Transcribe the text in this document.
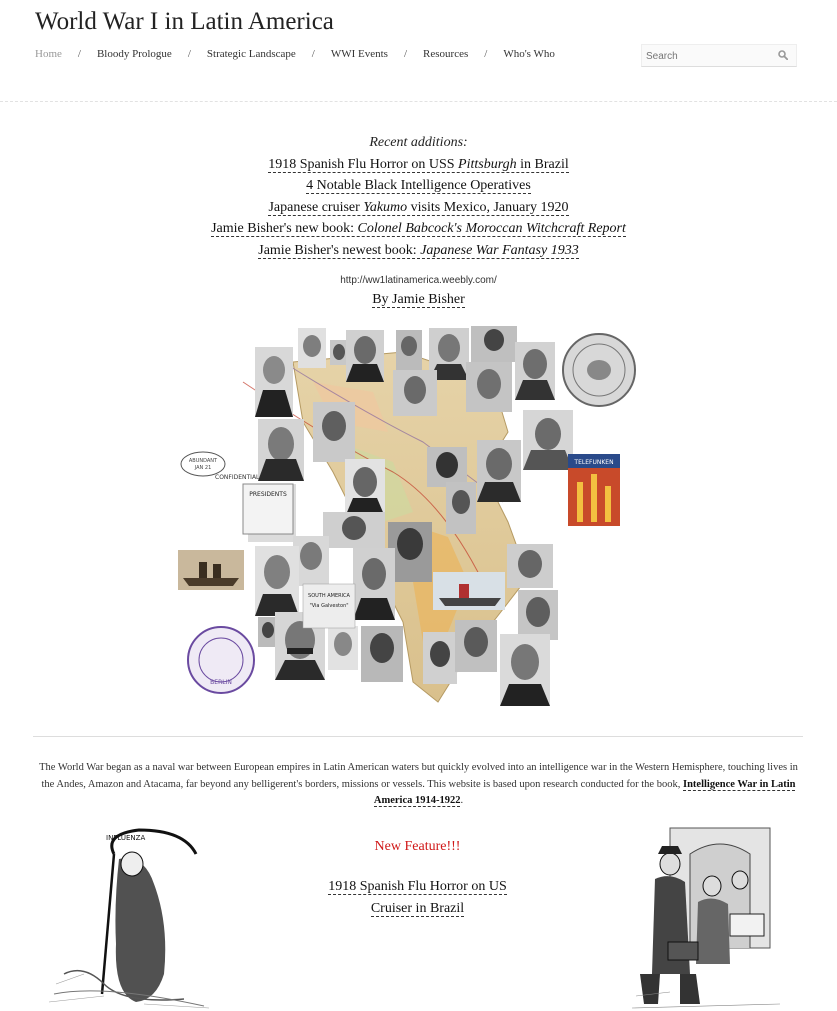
World War I in Latin America
Home	/	Bloody Prologue	/	Strategic Landscape	/	WWI Events	/	Resources	/	Who's Who
Search
Recent additions:
1918 Spanish Flu Horror on USS Pittsburgh in Brazil
4 Notable Black Intelligence Operatives
Japanese cruiser Yakumo visits Mexico, January 1920
Jamie Bisher's new book: Colonel Babcock's Moroccan Witchcraft Report
Jamie Bisher's newest book: Japanese War Fantasy 1933
http://ww1latinamerica.weebly.com/
By Jamie Bisher
BERLIN
ABUNDANT
JAN 21
CONFIDENTIAL
PRESIDENTS
TELEFUNKEN
SOUTH AMERICA
"Via Galveston"
The World War began as a naval war between European empires in Latin American waters but quickly evolved into an intelligence war in the Western Hemisphere, touching lives in the Andes, Amazon and Atacama, far beyond any belligerent's borders, missions or vessels. This website is based upon research conducted for the book, Intelligence War in Latin America 1914-1922.
INFLUENZA
New Feature!!!
1918 Spanish Flu Horror on US
Cruiser in Brazil
